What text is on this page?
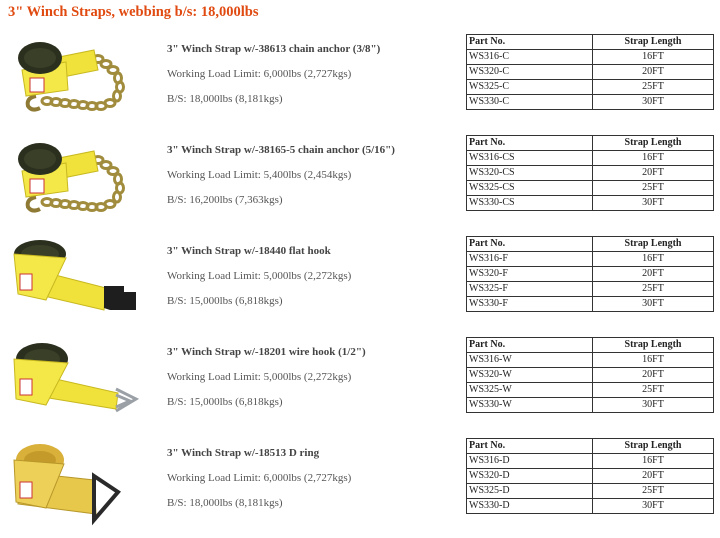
3" Winch Straps, webbing b/s: 18,000lbs
3" Winch Strap w/-38613 chain anchor (3/8")
Working Load Limit: 6,000lbs (2,727kgs)
B/S: 18,000lbs (8,181kgs)
Part No.	Strap Length
WS316-C	16FT
WS320-C	20FT
WS325-C	25FT
WS330-C	30FT
3" Winch Strap w/-38165-5 chain anchor (5/16")
Working Load Limit: 5,400lbs (2,454kgs)
B/S: 16,200lbs (7,363kgs)
Part No.	Strap Length
WS316-CS	16FT
WS320-CS	20FT
WS325-CS	25FT
WS330-CS	30FT
3" Winch Strap w/-18440 flat hook
Working Load Limit: 5,000lbs (2,272kgs)
B/S: 15,000lbs (6,818kgs)
Part No.	Strap Length
WS316-F	16FT
WS320-F	20FT
WS325-F	25FT
WS330-F	30FT
3" Winch Strap w/-18201 wire hook (1/2")
Working Load Limit: 5,000lbs (2,272kgs)
B/S: 15,000lbs (6,818kgs)
Part No.	Strap Length
WS316-W	16FT
WS320-W	20FT
WS325-W	25FT
WS330-W	30FT
3" Winch Strap w/-18513 D ring
Working Load Limit: 6,000lbs (2,727kgs)
B/S: 18,000lbs (8,181kgs)
Part No.	Strap Length
WS316-D	16FT
WS320-D	20FT
WS325-D	25FT
WS330-D	30FT
